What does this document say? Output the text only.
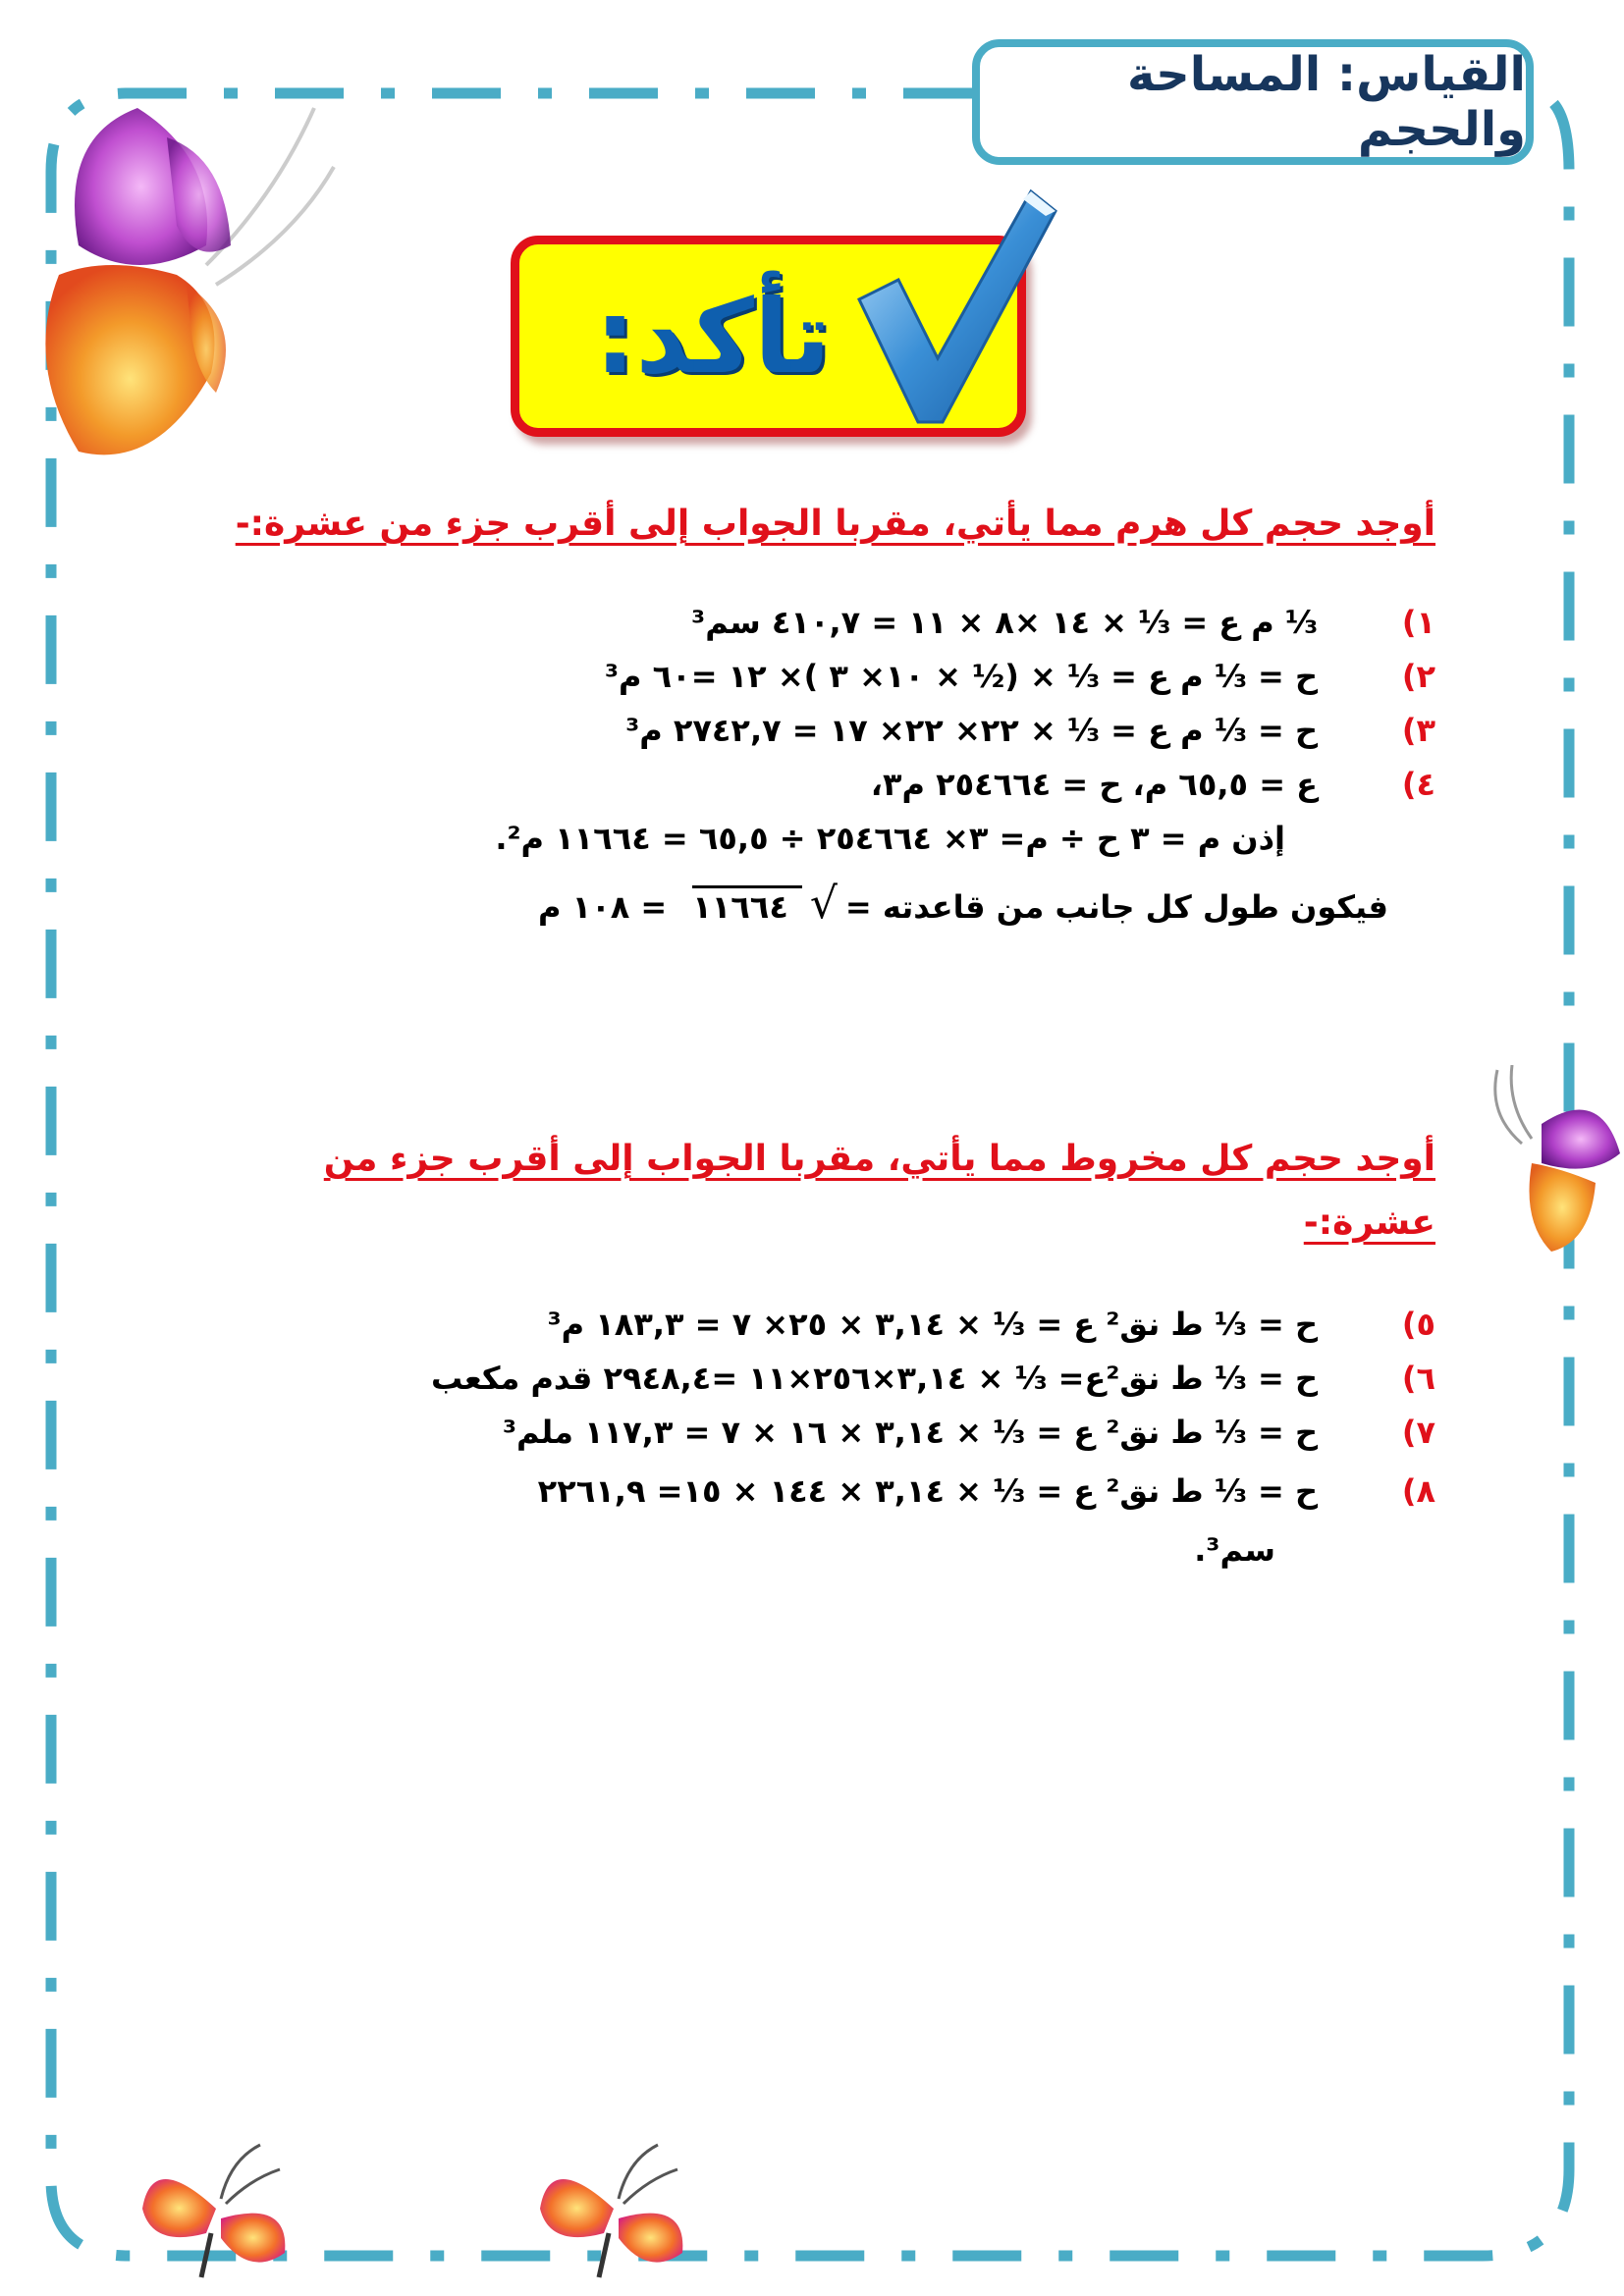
القياس: المساحة والحجم
تأكد:
أوجد حجم كل هرم مما يأتي، مقربا الجواب إلى أقرب جزء من عشرة:-
١)
⅓ م ع = ⅓ × ١٤ ×٨ × ١١ = ٤١٠,٧ سم³
٢)
ح = ⅓ م ع = ⅓ × (½ × ١٠× ٣ )× ١٢ =٦٠ م³
٣)
ح = ⅓ م ع = ⅓ × ٢٢× ٢٢× ١٧ = ٢٧٤٢,٧ م³
٤)
ع = ٦٥,٥ م، ح = ٢٥٤٦٦٤ م٣،
إذن م = ٣ ح ÷ م= ٣× ٢٥٤٦٦٤ ÷ ٦٥,٥ = ١١٦٦٤ م².
فيكون طول كل جانب من قاعدته =
√
١١٦٦٤
= ١٠٨ م
أوجد حجم كل مخروط مما يأتي، مقربا الجواب إلى أقرب جزء من
عشرة:-
٥)
ح = ⅓ ط نق² ع = ⅓ × ٣,١٤ × ٢٥× ٧ = ١٨٣,٣ م³
٦)
ح = ⅓ ط نق²ع= ⅓ × ٣,١٤×٢٥٦×١١ =٢٩٤٨,٤ قدم مكعب
٧)
ح = ⅓ ط نق² ع = ⅓ × ٣,١٤ × ١٦ × ٧ = ١١٧,٣ ملم³
٨)
ح = ⅓ ط نق² ع = ⅓ × ٣,١٤ × ١٤٤ × ١٥= ٢٢٦١,٩
سم³.
